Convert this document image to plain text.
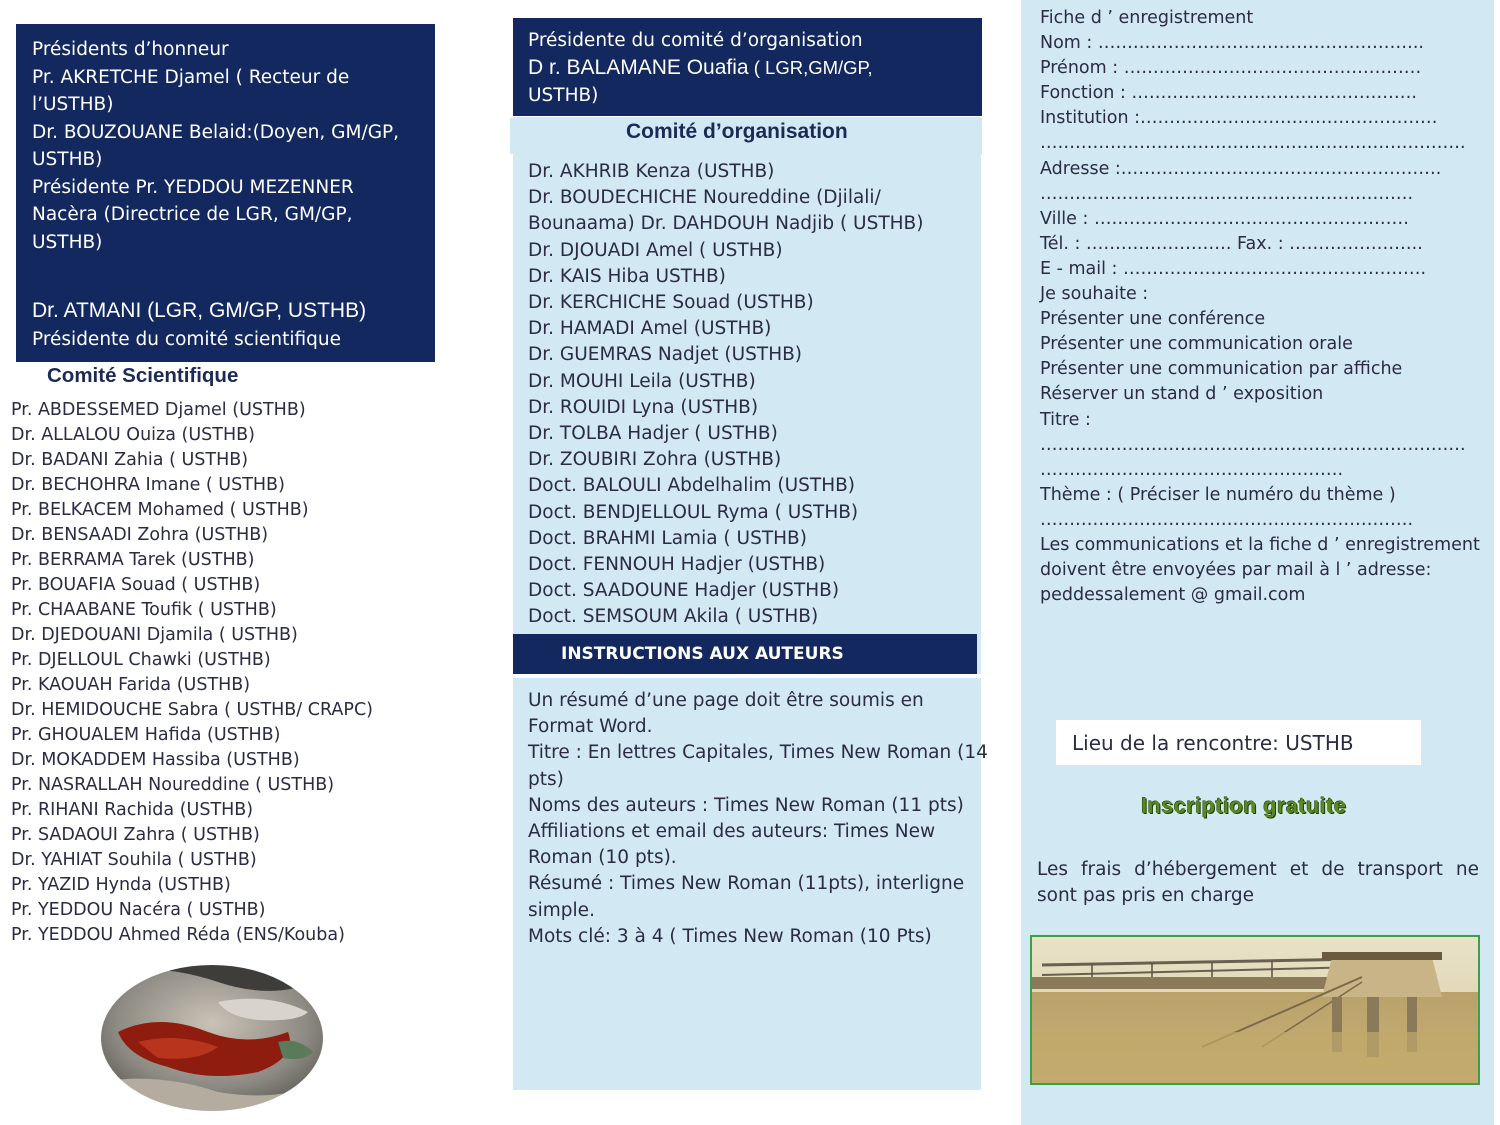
Présidents d’honneur
Pr. AKRETCHE Djamel ( Recteur de
l’USTHB)
Dr. BOUZOUANE Belaid:(Doyen, GM/GP,
USTHB)
Présidente Pr. YEDDOU MEZENNER
Nacèra (Directrice de LGR, GM/GP,
USTHB)
Dr. ATMANI (LGR, GM/GP, USTHB)
Présidente du comité scientifique
Comité Scientifique
Pr. ABDESSEMED Djamel (USTHB)
Dr. ALLALOU Ouiza (USTHB)
Dr. BADANI Zahia ( USTHB)
Dr. BECHOHRA Imane ( USTHB)
Pr. BELKACEM Mohamed ( USTHB)
Dr. BENSAADI Zohra (USTHB)
Pr. BERRAMA Tarek (USTHB)
Pr. BOUAFIA Souad ( USTHB)
Pr. CHAABANE Toufik ( USTHB)
Dr. DJEDOUANI Djamila ( USTHB)
Pr. DJELLOUL Chawki (USTHB)
Pr. KAOUAH Farida (USTHB)
Dr. HEMIDOUCHE Sabra ( USTHB/ CRAPC)
Pr. GHOUALEM Hafida (USTHB)
Dr. MOKADDEM Hassiba (USTHB)
Pr. NASRALLAH Noureddine ( USTHB)
Pr. RIHANI Rachida (USTHB)
Pr. SADAOUI Zahra ( USTHB)
Dr. YAHIAT Souhila ( USTHB)
Pr. YAZID Hynda (USTHB)
Pr. YEDDOU Nacéra ( USTHB)
Pr. YEDDOU Ahmed Réda (ENS/Kouba)
Présidente du comité d’organisation
D r. BALAMANE Ouafia ( LGR,GM/GP,
USTHB)
Comité d’organisation
Dr. AKHRIB Kenza (USTHB)
Dr. BOUDECHICHE Noureddine (Djilali/
Bounaama) Dr. DAHDOUH Nadjib ( USTHB)
Dr. DJOUADI Amel ( USTHB)
Dr. KAIS Hiba USTHB)
Dr. KERCHICHE Souad (USTHB)
Dr. HAMADI Amel (USTHB)
Dr. GUEMRAS Nadjet (USTHB)
Dr. MOUHI Leila (USTHB)
Dr. ROUIDI Lyna (USTHB)
Dr. TOLBA Hadjer ( USTHB)
Dr. ZOUBIRI Zohra (USTHB)
Doct. BALOULI Abdelhalim (USTHB)
Doct. BENDJELLOUL Ryma ( USTHB)
Doct. BRAHMI Lamia ( USTHB)
Doct. FENNOUH Hadjer (USTHB)
Doct. SAADOUNE Hadjer (USTHB)
Doct. SEMSOUM Akila ( USTHB)
INSTRUCTIONS AUX AUTEURS
Un résumé d’une page doit être soumis en
Format Word.
Titre : En lettres Capitales, Times New Roman (14
pts)
Noms des auteurs : Times New Roman (11 pts)
Affiliations et email des auteurs: Times New
Roman (10 pts).
Résumé : Times New Roman (11pts), interligne
simple.
Mots clé: 3 à 4 ( Times New Roman (10 Pts)
Fiche d ’ enregistrement
Nom : ………………………………………………..
Prénom : ……………………………………………
Fonction : ………………………………………….
Institution :……………………………………………
……………………………………………………………….
Adresse :……………………………………………….
……………………………………………………….
Ville : ………………………………………………
Tél. : ……………………. Fax. : …………………..
E - mail : …………………………………………….
Je souhaite :
Présenter une conférence
Présenter une communication orale
Présenter une communication par affiche
Réserver un stand d ’ exposition
Titre :
……………………………………………………………….
…………………………………………….
Thème : ( Préciser le numéro du thème )
……………………………………………………….
Les communications et la fiche d ’ enregistrement
doivent être envoyées par mail à l ’ adresse:
peddessalement @ gmail.com
Lieu de la rencontre: USTHB
Inscription gratuite
Les frais d’hébergement et de transport ne sont pas pris en charge
